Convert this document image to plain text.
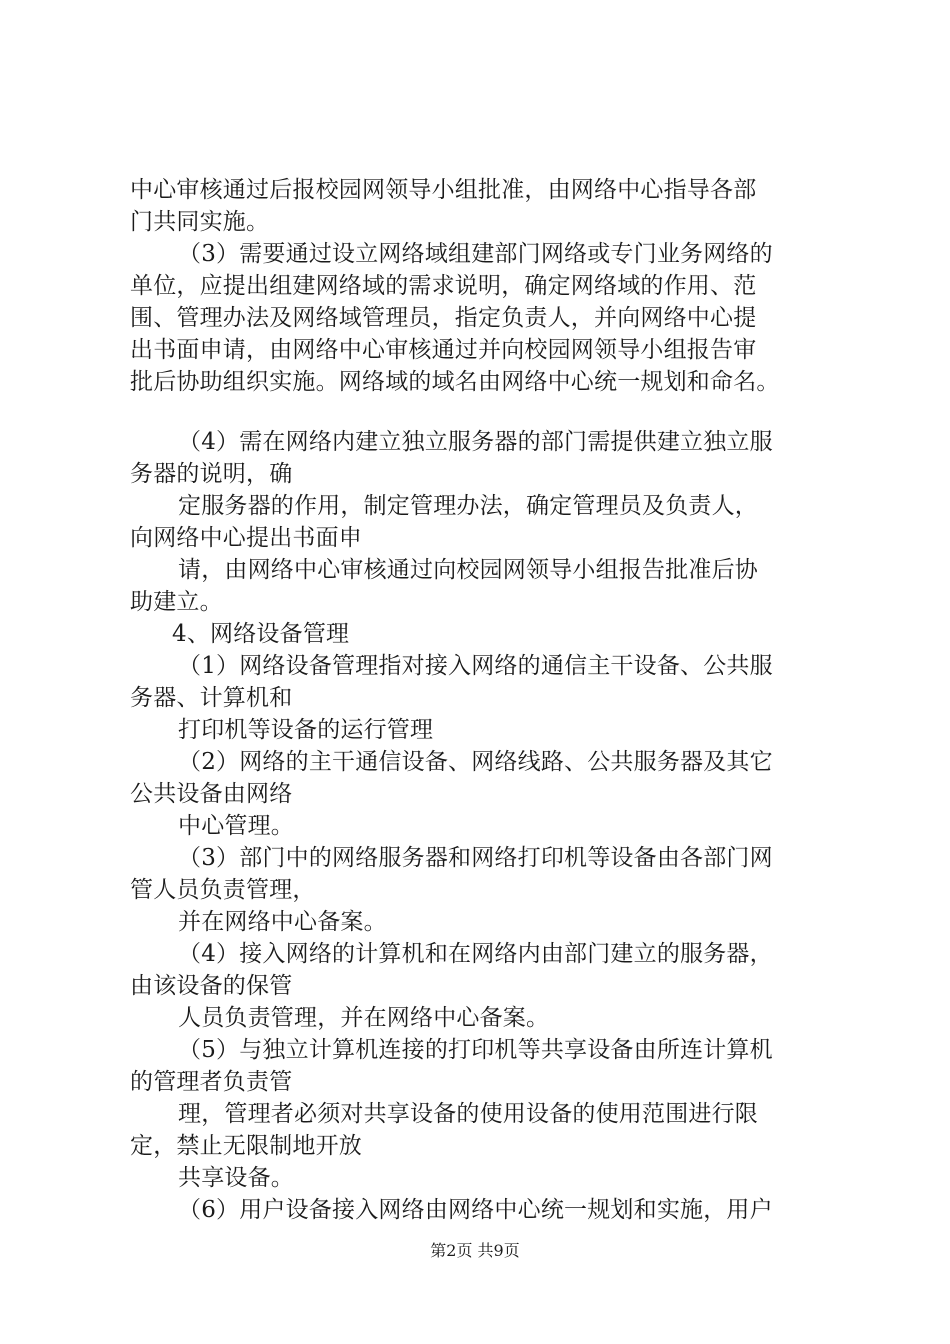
中心审核通过后报校园网领导小组批准，由网络中心指导各部
门共同实施。
（3）需要通过设立网络域组建部门网络或专门业务网络的
单位，应提出组建网络域的需求说明，确定网络域的作用、范
围、管理办法及网络域管理员，指定负责人，并向网络中心提
出书面申请，由网络中心审核通过并向校园网领导小组报告审
批后协助组织实施。网络域的域名由网络中心统一规划和命名。
（4）需在网络内建立独立服务器的部门需提供建立独立服
务器的说明，确
定服务器的作用，制定管理办法，确定管理员及负责人，
向网络中心提出书面申
请，由网络中心审核通过向校园网领导小组报告批准后协
助建立。
4、网络设备管理
（1）网络设备管理指对接入网络的通信主干设备、公共服
务器、计算机和
打印机等设备的运行管理
（2）网络的主干通信设备、网络线路、公共服务器及其它
公共设备由网络
中心管理。
（3）部门中的网络服务器和网络打印机等设备由各部门网
管人员负责管理，
并在网络中心备案。
（4）接入网络的计算机和在网络内由部门建立的服务器，
由该设备的保管
人员负责管理，并在网络中心备案。
（5）与独立计算机连接的打印机等共享设备由所连计算机
的管理者负责管
理，管理者必须对共享设备的使用设备的使用范围进行限
定，禁止无限制地开放
共享设备。
（6）用户设备接入网络由网络中心统一规划和实施，用户
第2页 共9页
